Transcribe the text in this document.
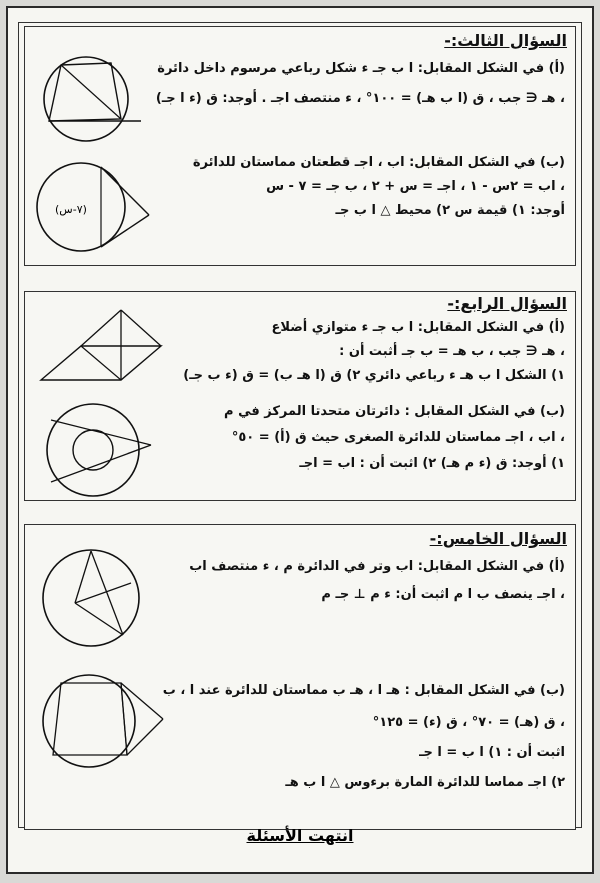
السؤال الثالث:-
(أ) في الشكل المقابل: ا ب جـ ء شكل رباعي مرسوم داخل دائرة
، هـ ∈ جب ، ق (ا ب هـ) = ١٠٠° ، ء منتصف اجـ . أوجد: ق (ء ا جـ)
(ب) في الشكل المقابل: اب ، اجـ قطعتان مماستان للدائرة
، اب = ٢س - ١ ، اجـ = س + ٢ ، ب جـ = ٧ - س
أوجد: ١) قيمة س ٢) محيط △ ا ب جـ
(٧-س)
السؤال الرابع:-
(أ) في الشكل المقابل: ا ب جـ ء متوازي أضلاع
، هـ ∈ جب ، ب هـ = ب جـ أثبت أن :
١) الشكل ا ب هـ ء رباعي دائري ٢) ق (ا هـ ب) = ق (ء ب جـ)
(ب) في الشكل المقابل : دائرتان متحدتا المركز في م
، اب ، اجـ مماستان للدائرة الصغرى حيث ق (أ) = ٥٠°
١) أوجد: ق (ء م هـ) ٢) اثبت أن : اب = اجـ
السؤال الخامس:-
(أ) في الشكل المقابل: اب وتر في الدائرة م ، ء منتصف اب
، اجـ ينصف ب ا م اثبت أن: ء م ⊥ جـ م
(ب) في الشكل المقابل : هـ ا ، هـ ب مماستان للدائرة عند ا ، ب
، ق (هـ) = ٧٠° ، ق (ء) = ١٢٥°
اثبت أن : ١) ا ب = ا جـ
٢) اجـ مماسا للدائرة المارة برءوس △ ا ب هـ
انتهت الأسئلة
